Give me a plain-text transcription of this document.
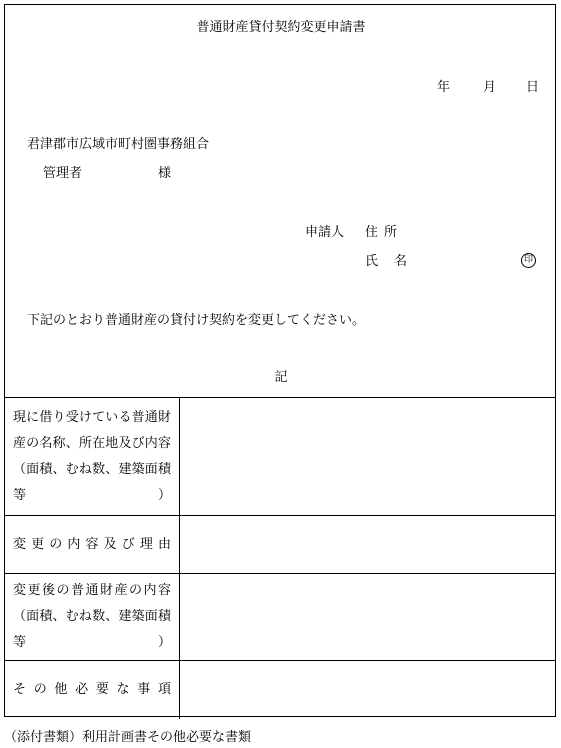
普通財産貸付契約変更申請書
年	月 日
君津郡市広域市町村圏事務組合
管理者	様
申請人 住所
氏名	印
下記のとおり普通財産の貸付け契約を変更してください。
記
現に借り受けている普通財産の名称、所在地及び内容（面積、むね数、建築面積等）	
変更の内容及び理由	
変更後の普通財産の内容（面積、むね数、建築面積等）	
その他必要な事項	
（添付書類）利用計画書その他必要な書類
